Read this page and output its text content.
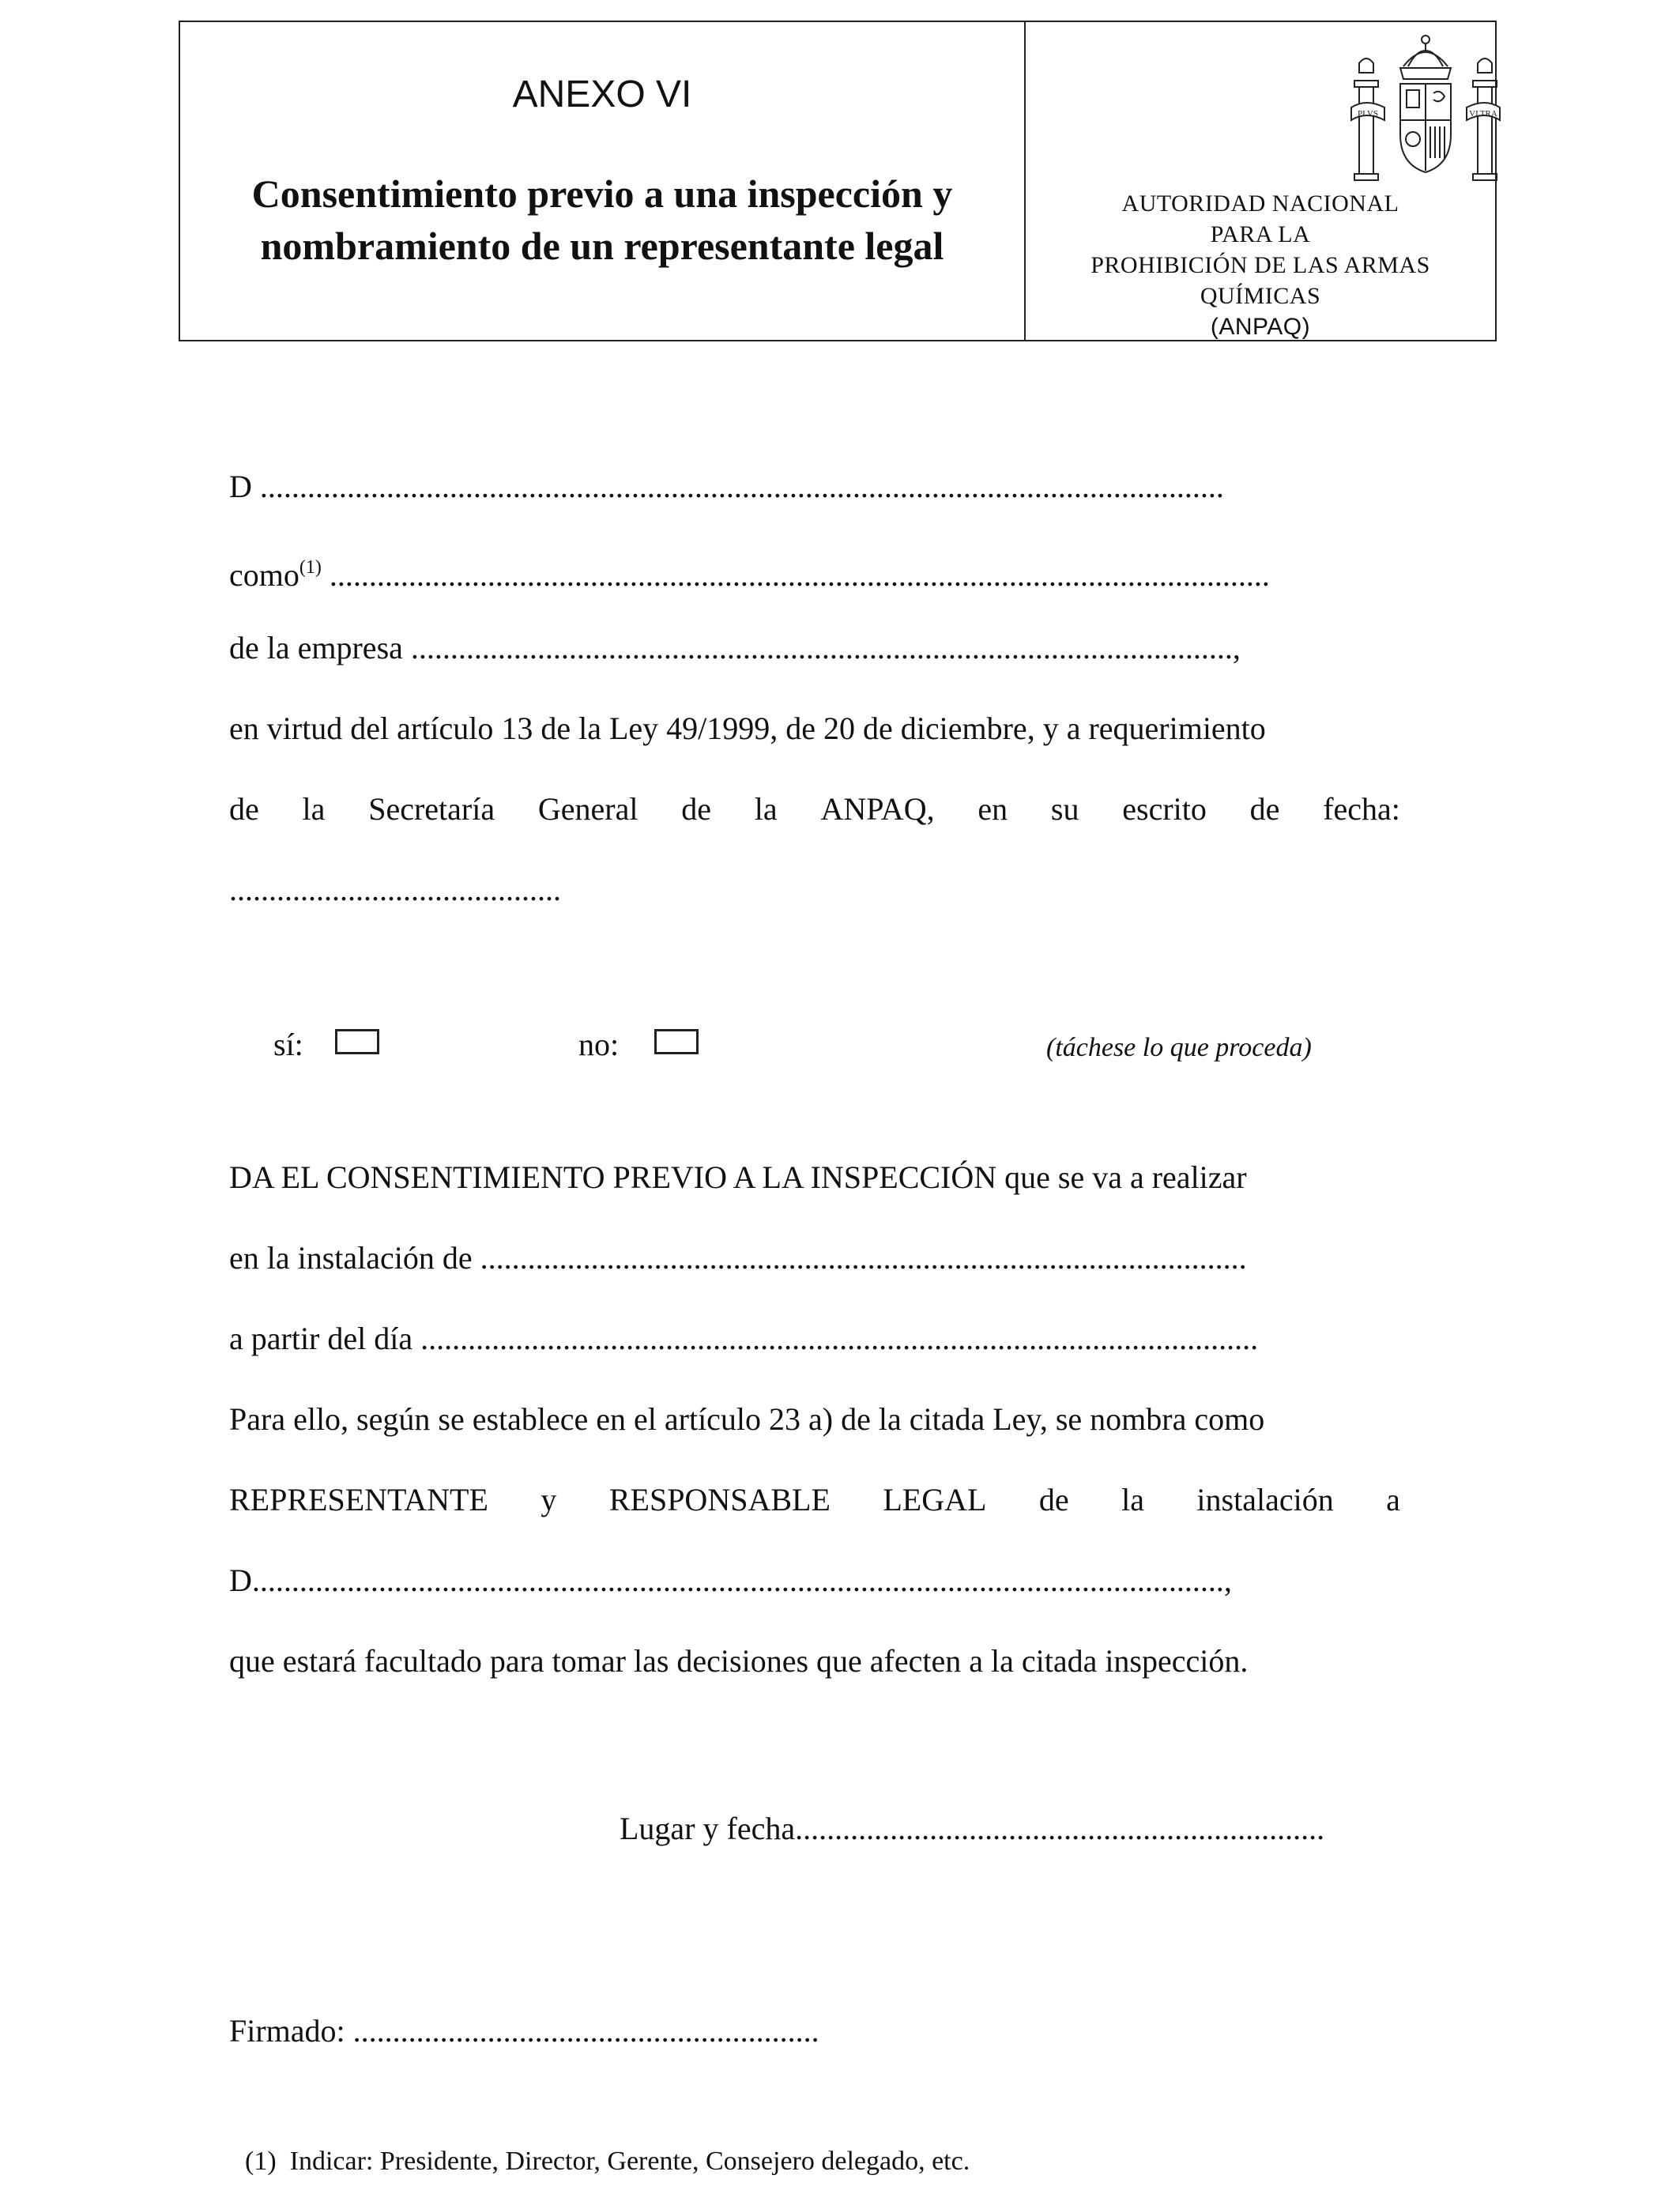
ANEXO VI
Consentimiento previo a una inspección y
nombramiento de un representante legal
PLVS	VLTRA
AUTORIDAD NACIONAL
PARA LA
PROHIBICIÓN DE LAS ARMAS
QUÍMICAS
(ANPAQ)
D ..........................................................................................................................
como$^{(1)}$ .......................................................................................................................
de la empresa ........................................................................................................,
en virtud del artículo 13 de la Ley 49/1999, de 20 de diciembre, y a requerimiento
de la Secretaría General de la ANPAQ, en su escrito de fecha:
..........................................
sí:	no:	(táchese lo que proceda)
DA EL CONSENTIMIENTO PREVIO A LA INSPECCIÓN que se va a realizar
en la instalación de .................................................................................................
a partir del día ..........................................................................................................
Para ello, según se establece en el artículo 23 a) de la citada Ley, se nombra como
REPRESENTANTE y RESPONSABLE LEGAL de la instalación a
D...........................................................................................................................,
que estará facultado para tomar las decisiones que afecten a la citada inspección.
Lugar y fecha...................................................................
Firmado: ...........................................................
(1) Indicar: Presidente, Director, Gerente, Consejero delegado, etc.
